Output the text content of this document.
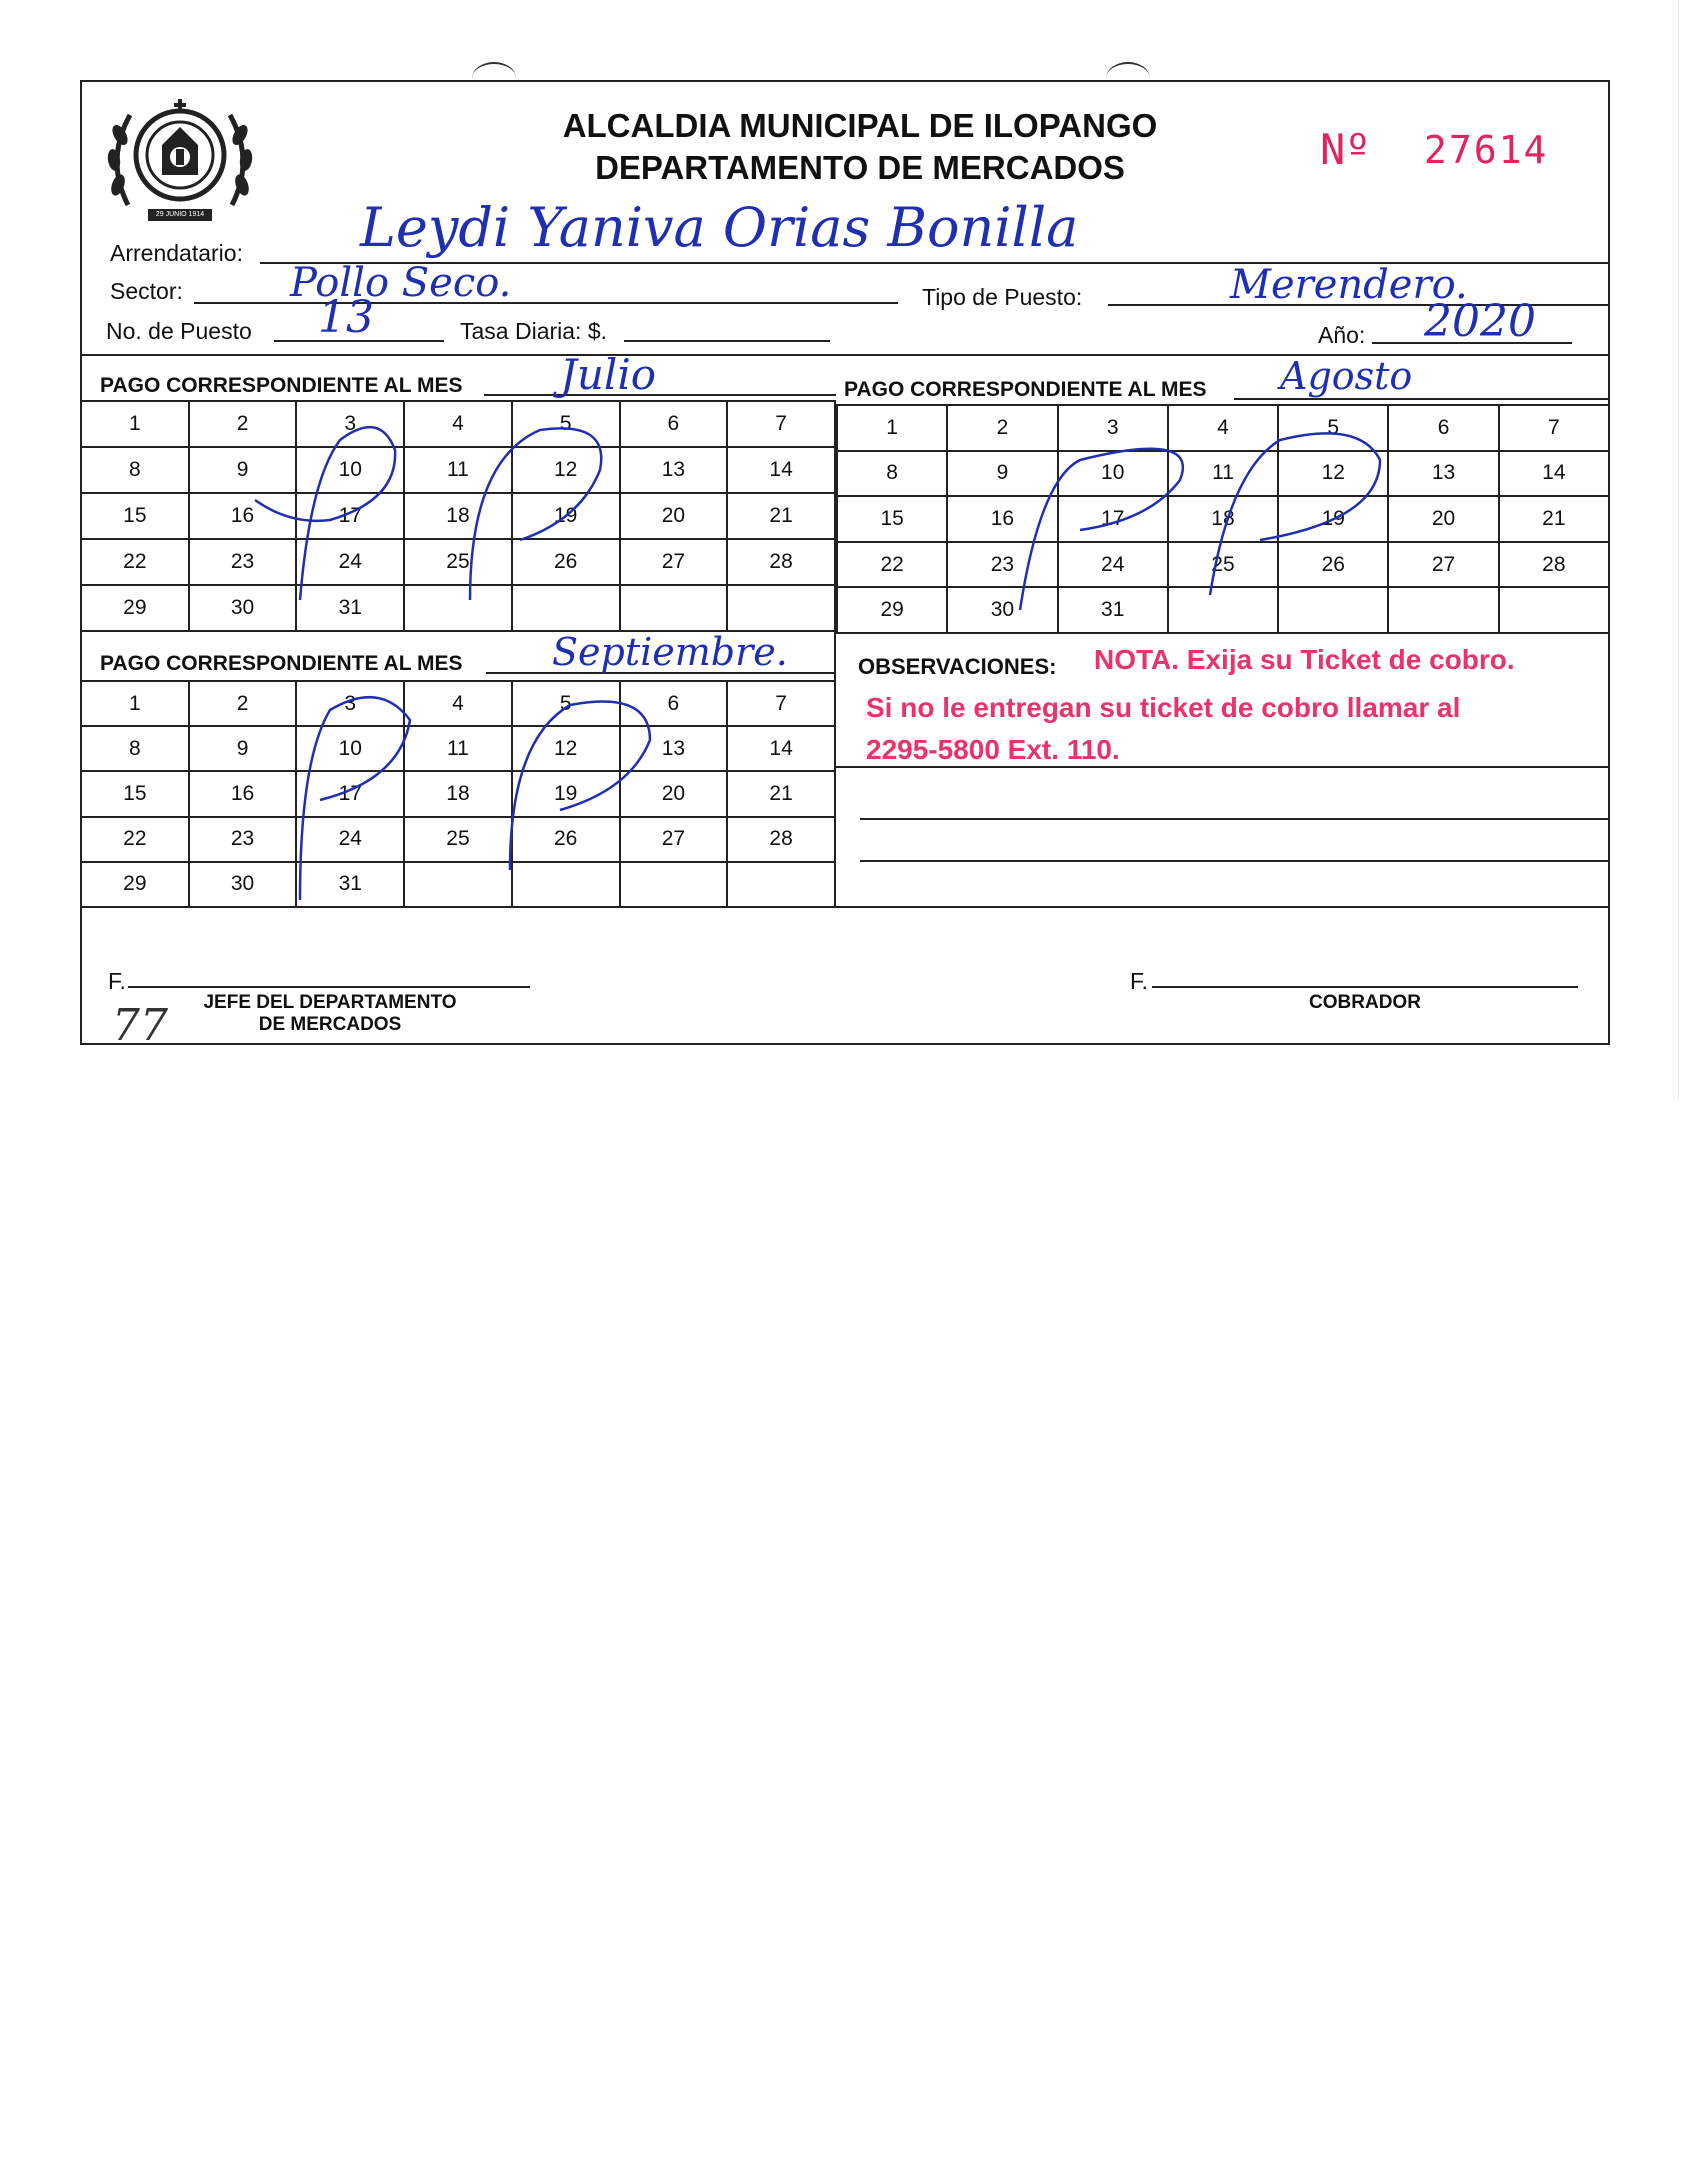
29 JUNIO 1914
ALCALDIA MUNICIPAL DE ILOPANGO
DEPARTAMENTO DE MERCADOS	Nº 27614
Arrendatario: Leydi Yaniva Orias Bonilla
Sector:	Pollo Seco.	Tipo de Puesto:	Merendero.
No. de Puesto 13	Tasa Diaria: $.	Año: 2020
PAGO CORRESPONDIENTE AL MES Julio	PAGO CORRESPONDIENTE AL MES Agosto
PAGO CORRESPONDIENTE AL MES Septiembre.
1	2	3	4	5	6	7
8	9	10	11	12	13	14
15	16	17	18	19	20	21
22	23	24	25	26	27	28
29	30	31				
1	2	3	4	5	6	7
8	9	10	11	12	13	14
15	16	17	18	19	20	21
22	23	24	25	26	27	28
29	30	31				
1	2	3	4	5	6	7
8	9	10	11	12	13	14
15	16	17	18	19	20	21
22	23	24	25	26	27	28
29	30	31				
OBSERVACIONES: NOTA. Exija su Ticket de cobro.
Si no le entregan su ticket de cobro llamar al
2295-5800 Ext. 110.
F.
JEFE DEL DEPARTAMENTO
DE MERCADOS
77
F.
COBRADOR
